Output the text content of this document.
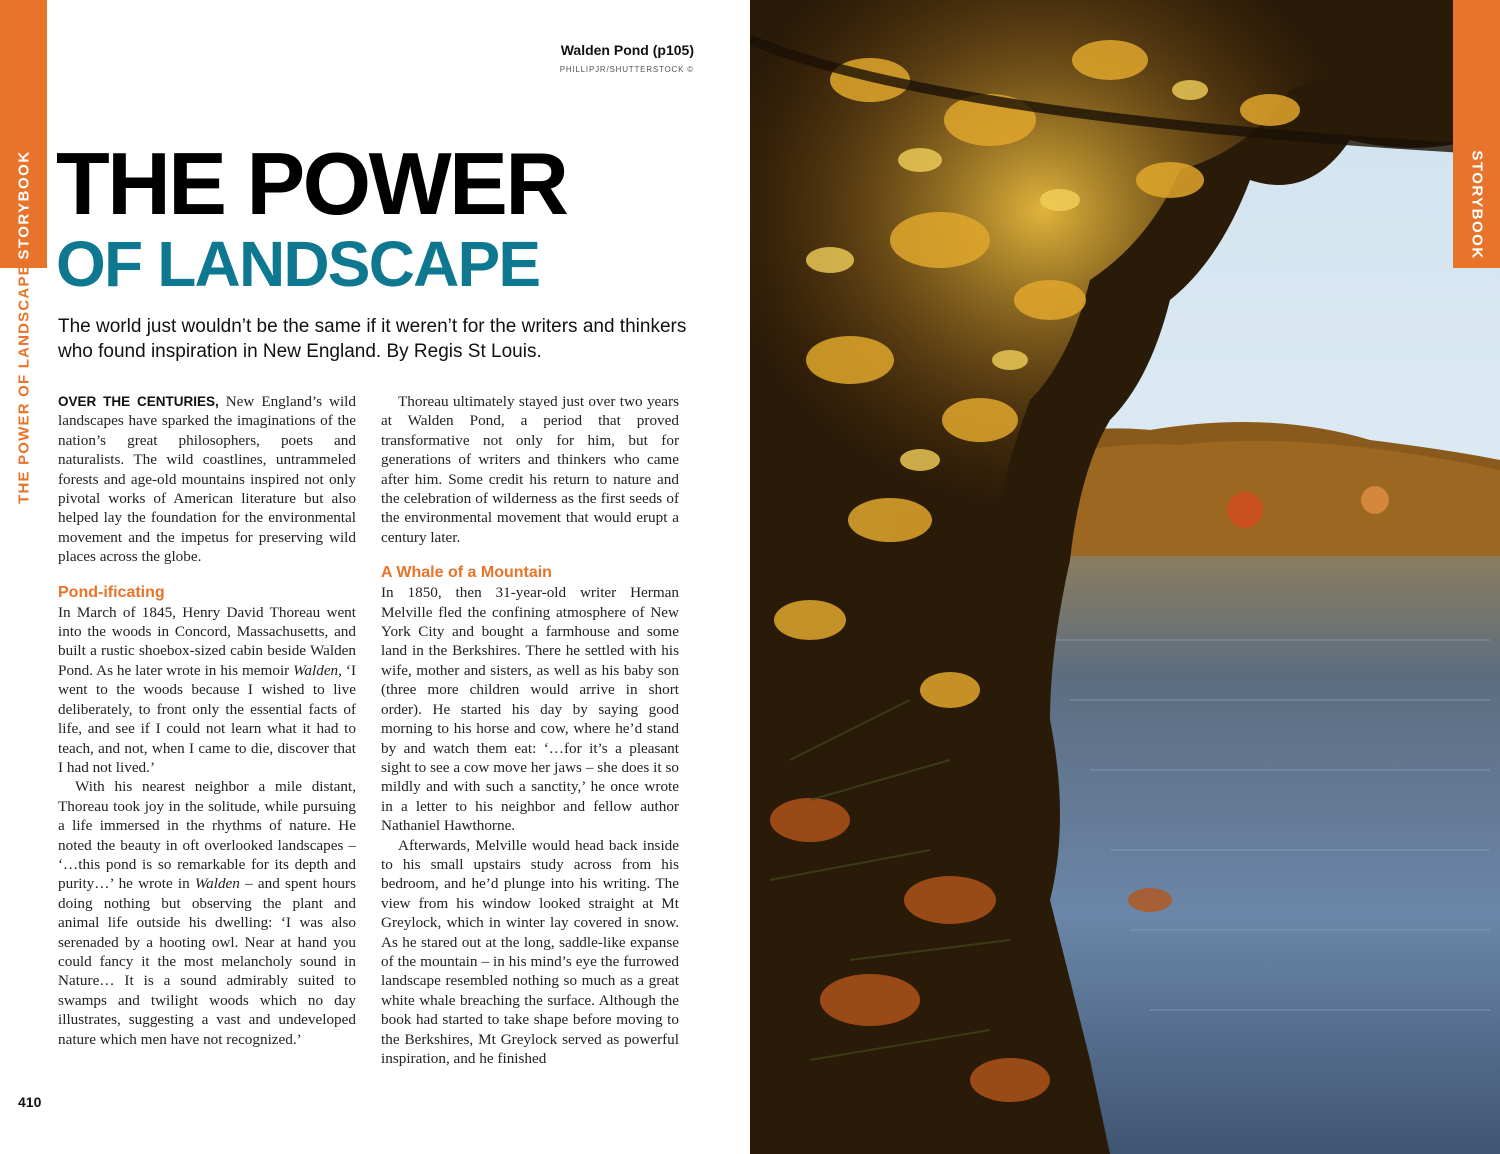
STORYBOOK
THE POWER OF LANDSCAPE
Walden Pond (p105)
PHILLIPJR/SHUTTERSTOCK ©
THE POWER
OF LANDSCAPE
The world just wouldn’t be the same if it weren’t for the writers and thinkers who found inspiration in New England. By Regis St Louis.

OVER THE CENTURIES, New England’s wild landscapes have sparked the imaginations of the nation’s great philosophers, poets and naturalists. The wild coastlines, untrammeled forests and age-old mountains inspired not only pivotal works of American literature but also helped lay the foundation for the environmental movement and the impetus for preserving wild places across the globe.

Pond-ificating

In March of 1845, Henry David Thoreau went into the woods in Concord, Massachusetts, and built a rustic shoebox-sized cabin beside Walden Pond. As he later wrote in his memoir Walden, ‘I went to the woods because I wished to live deliberately, to front only the essential facts of life, and see if I could not learn what it had to teach, and not, when I came to die, discover that I had not lived.’

With his nearest neighbor a mile distant, Thoreau took joy in the solitude, while pursuing a life immersed in the rhythms of nature. He noted the beauty in oft overlooked landscapes – ‘…this pond is so remarkable for its depth and purity…’ he wrote in Walden – and spent hours doing nothing but observing the plant and animal life outside his dwelling: ‘I was also serenaded by a hooting owl. Near at hand you could fancy it the most melancholy sound in Nature… It is a sound admirably suited to swamps and twilight woods which no day illustrates, suggesting a vast and undeveloped nature which men have not recognized.’

Thoreau ultimately stayed just over two years at Walden Pond, a period that proved transformative not only for him, but for generations of writers and thinkers who came after him. Some credit his return to nature and the celebration of wilderness as the first seeds of the environmental movement that would erupt a century later.

A Whale of a Mountain

In 1850, then 31-year-old writer Herman Melville fled the confining atmosphere of New York City and bought a farmhouse and some land in the Berkshires. There he settled with his wife, mother and sisters, as well as his baby son (three more children would arrive in short order). He started his day by saying good morning to his horse and cow, where he’d stand by and watch them eat: ‘…for it’s a pleasant sight to see a cow move her jaws – she does it so mildly and with such a sanctity,’ he once wrote in a letter to his neighbor and fellow author Nathaniel Hawthorne.

Afterwards, Melville would head back inside to his small upstairs study across from his bedroom, and he’d plunge into his writing. The view from his window looked straight at Mt Greylock, which in winter lay covered in snow. As he stared out at the long, saddle-like expanse of the mountain – in his mind’s eye the furrowed landscape resembled nothing so much as a great white whale breaching the surface. Although the book had started to take shape before moving to the Berkshires, Mt Greylock served as powerful inspiration, and he finished

410
STORYBOOK
